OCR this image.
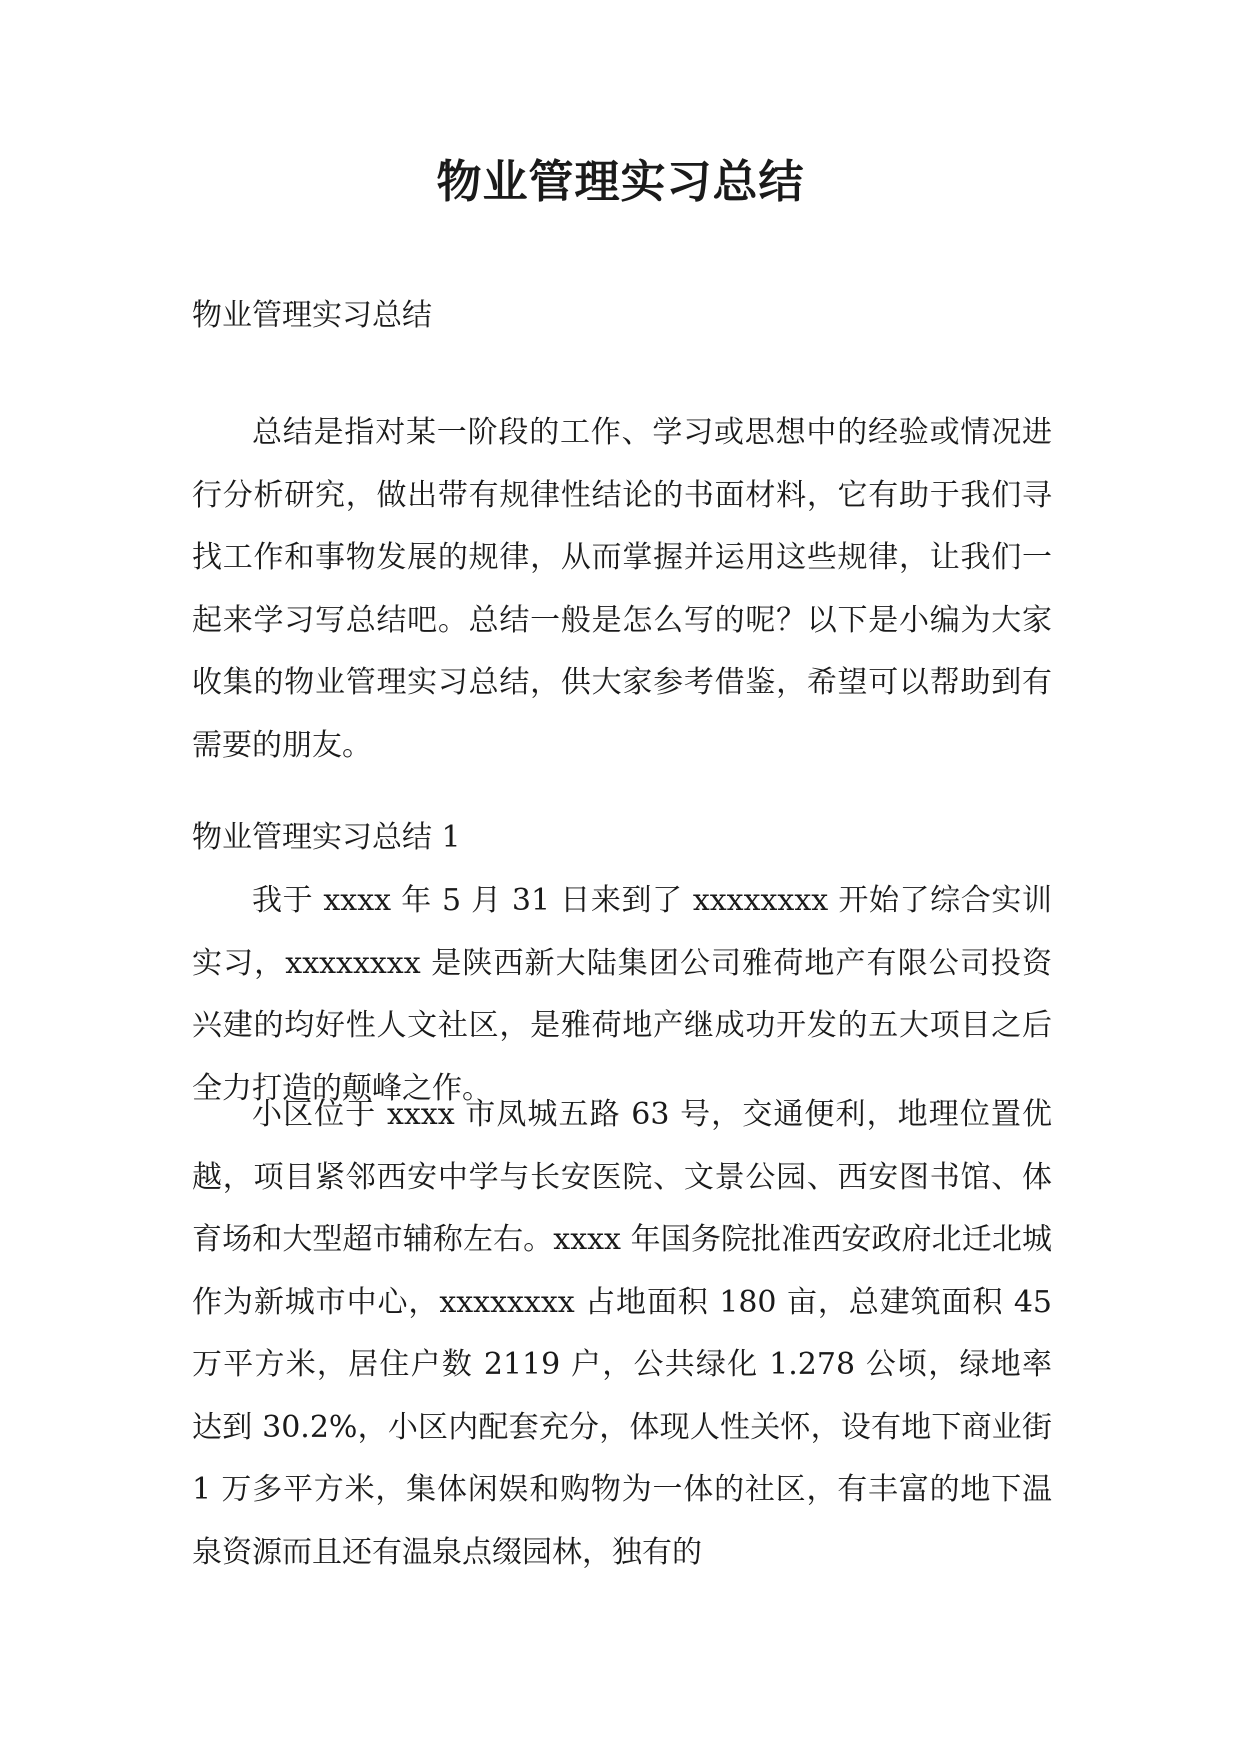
物业管理实习总结
物业管理实习总结

总结是指对某一阶段的工作、学习或思想中的经验或情况进行分析研究，做出带有规律性结论的书面材料，它有助于我们寻找工作和事物发展的规律，从而掌握并运用这些规律，让我们一起来学习写总结吧。总结一般是怎么写的呢？以下是小编为大家收集的物业管理实习总结，供大家参考借鉴，希望可以帮助到有需要的朋友。

物业管理实习总结 1

我于 xxxx 年 5 月 31 日来到了 xxxxxxxx 开始了综合实训实习，xxxxxxxx 是陕西新大陆集团公司雅荷地产有限公司投资兴建的均好性人文社区，是雅荷地产继成功开发的五大项目之后全力打造的颠峰之作。

小区位于 xxxx 市凤城五路 63 号，交通便利，地理位置优越，项目紧邻西安中学与长安医院、文景公园、西安图书馆、体育场和大型超市辅称左右。xxxx 年国务院批准西安政府北迁北城作为新城市中心，xxxxxxxx 占地面积 180 亩，总建筑面积 45 万平方米，居住户数 2119 户，公共绿化 1.278 公顷，绿地率达到 30.2%，小区内配套充分，体现人性关怀，设有地下商业街 1 万多平方米，集体闲娱和购物为一体的社区，有丰富的地下温泉资源而且还有温泉点缀园林，独有的
